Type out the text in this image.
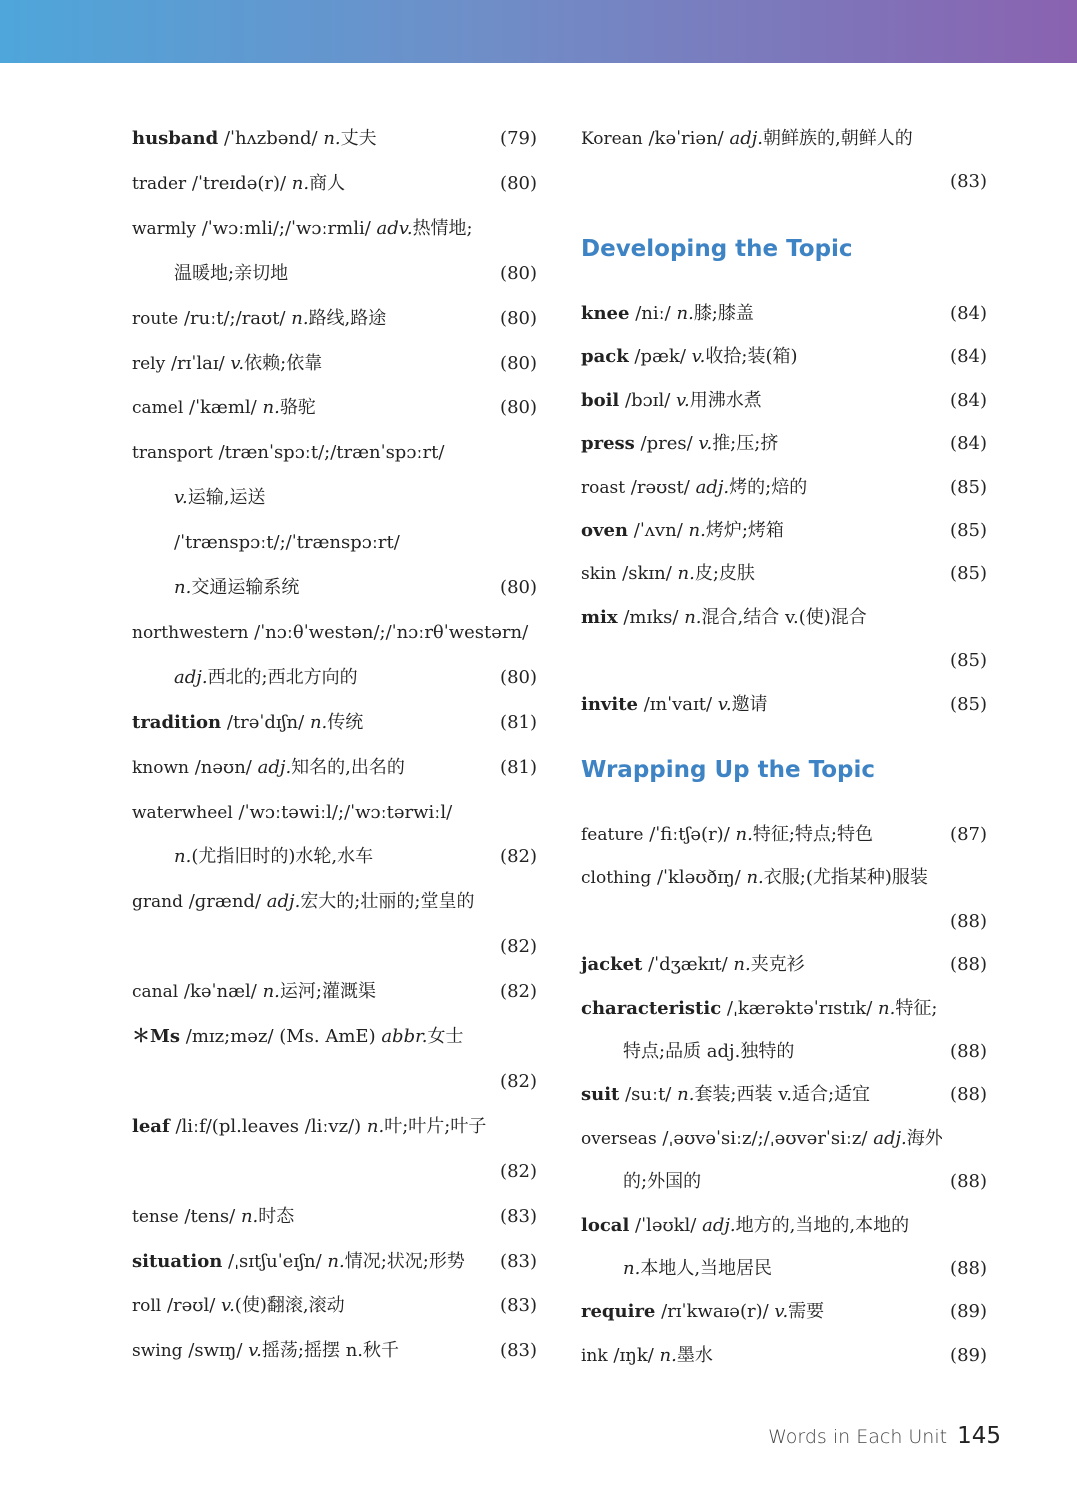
husband /ˈhʌzbənd/ n.丈夫	(79)
trader /ˈtreɪdə(r)/ n.商人	(80)
warmly /ˈwɔːmli/;/ˈwɔːrmli/ adv.热情地;
温暖地;亲切地	(80)
route /ruːt/;/raʊt/ n.路线,路途	(80)
rely /rɪˈlaɪ/ v.依赖;依靠	(80)
camel /ˈkæml/ n.骆驼	(80)
transport /trænˈspɔːt/;/trænˈspɔːrt/
v.运输,运送
/ˈtrænspɔːt/;/ˈtrænspɔːrt/
n.交通运输系统	(80)
northwestern /ˈnɔːθˈwestən/;/ˈnɔːrθˈwestərn/
adj.西北的;西北方向的	(80)
tradition /trəˈdɪʃn/ n.传统	(81)
known /nəʊn/ adj.知名的,出名的	(81)
waterwheel /ˈwɔːtəwiːl/;/ˈwɔːtərwiːl/
n.(尤指旧时的)水轮,水车	(82)
grand /ɡrænd/ adj.宏大的;壮丽的;堂皇的
(82)
canal /kəˈnæl/ n.运河;灌溉渠	(82)
＊Ms /mɪz;məz/ (Ms. AmE) abbr.女士
(82)
leaf /liːf/(pl.leaves /liːvz/) n.叶;叶片;叶子
(82)
tense /tens/ n.时态	(83)
situation /ˌsɪtʃuˈeɪʃn/ n.情况;状况;形势 (83)
roll /rəʊl/ v.(使)翻滚,滚动	(83)
swing /swɪŋ/ v.摇荡;摇摆 n.秋千	(83)
Developing the Topic
Wrapping Up the Topic
Korean /kəˈriən/ adj.朝鲜族的,朝鲜人的
(83)
knee /niː/ n.膝;膝盖	(84)
pack /pæk/ v.收拾;装(箱)	(84)
boil /bɔɪl/ v.用沸水煮	(84)
press /pres/ v.推;压;挤	(84)
roast /rəʊst/ adj.烤的;焙的	(85)
oven /ˈʌvn/ n.烤炉;烤箱	(85)
skin /skɪn/ n.皮;皮肤	(85)
mix /mɪks/ n.混合,结合 v.(使)混合
(85)
invite /ɪnˈvaɪt/ v.邀请	(85)
feature /ˈfiːtʃə(r)/ n.特征;特点;特色	(87)
clothing /ˈkləʊðɪŋ/ n.衣服;(尤指某种)服装
(88)
jacket /ˈdʒækɪt/ n.夹克衫	(88)
characteristic /ˌkærəktəˈrɪstɪk/ n.特征;
特点;品质 adj.独特的	(88)
suit /suːt/ n.套装;西装 v.适合;适宜	(88)
overseas /ˌəʊvəˈsiːz/;/ˌəʊvərˈsiːz/ adj.海外
的;外国的	(88)
local /ˈləʊkl/ adj.地方的,当地的,本地的
n.本地人,当地居民	(88)
require /rɪˈkwaɪə(r)/ v.需要	(89)
ink /ɪŋk/ n.墨水	(89)
Words in Each Unit 145
